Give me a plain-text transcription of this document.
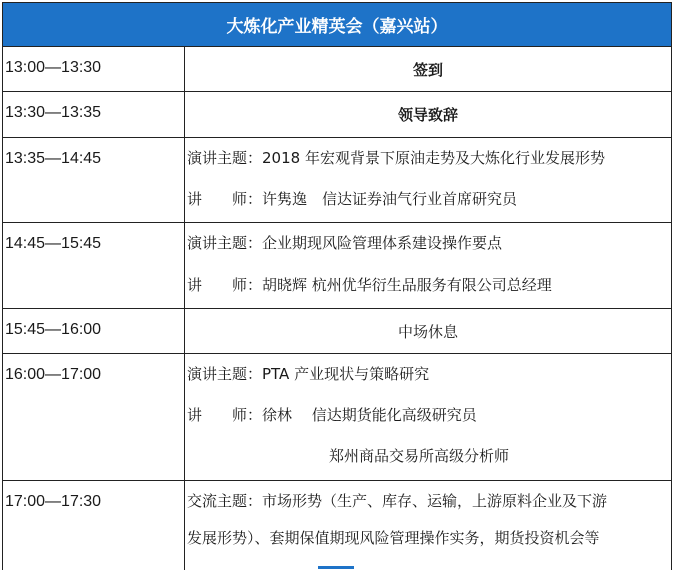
大炼化产业精英会（嘉兴站）
13:00—13:30	签到
13:30—13:35	领导致辞
13:35—14:45	演讲主题：2018 年宏观背景下原油走势及大炼化行业发展形势
讲　　师：许隽逸　信达证券油气行业首席研究员
14:45—15:45	演讲主题：企业期现风险管理体系建设操作要点
讲　　师：胡晓辉 杭州优华衍生品服务有限公司总经理
15:45—16:00	中场休息
16:00—17:00	演讲主题：PTA 产业现状与策略研究
讲　　师：徐林　 信达期货能化高级研究员
郑州商品交易所高级分析师
17:00—17:30	交流主题：市场形势（生产、库存、运输，上游原料企业及下游
发展形势）、套期保值期现风险管理操作实务，期货投资机会等
